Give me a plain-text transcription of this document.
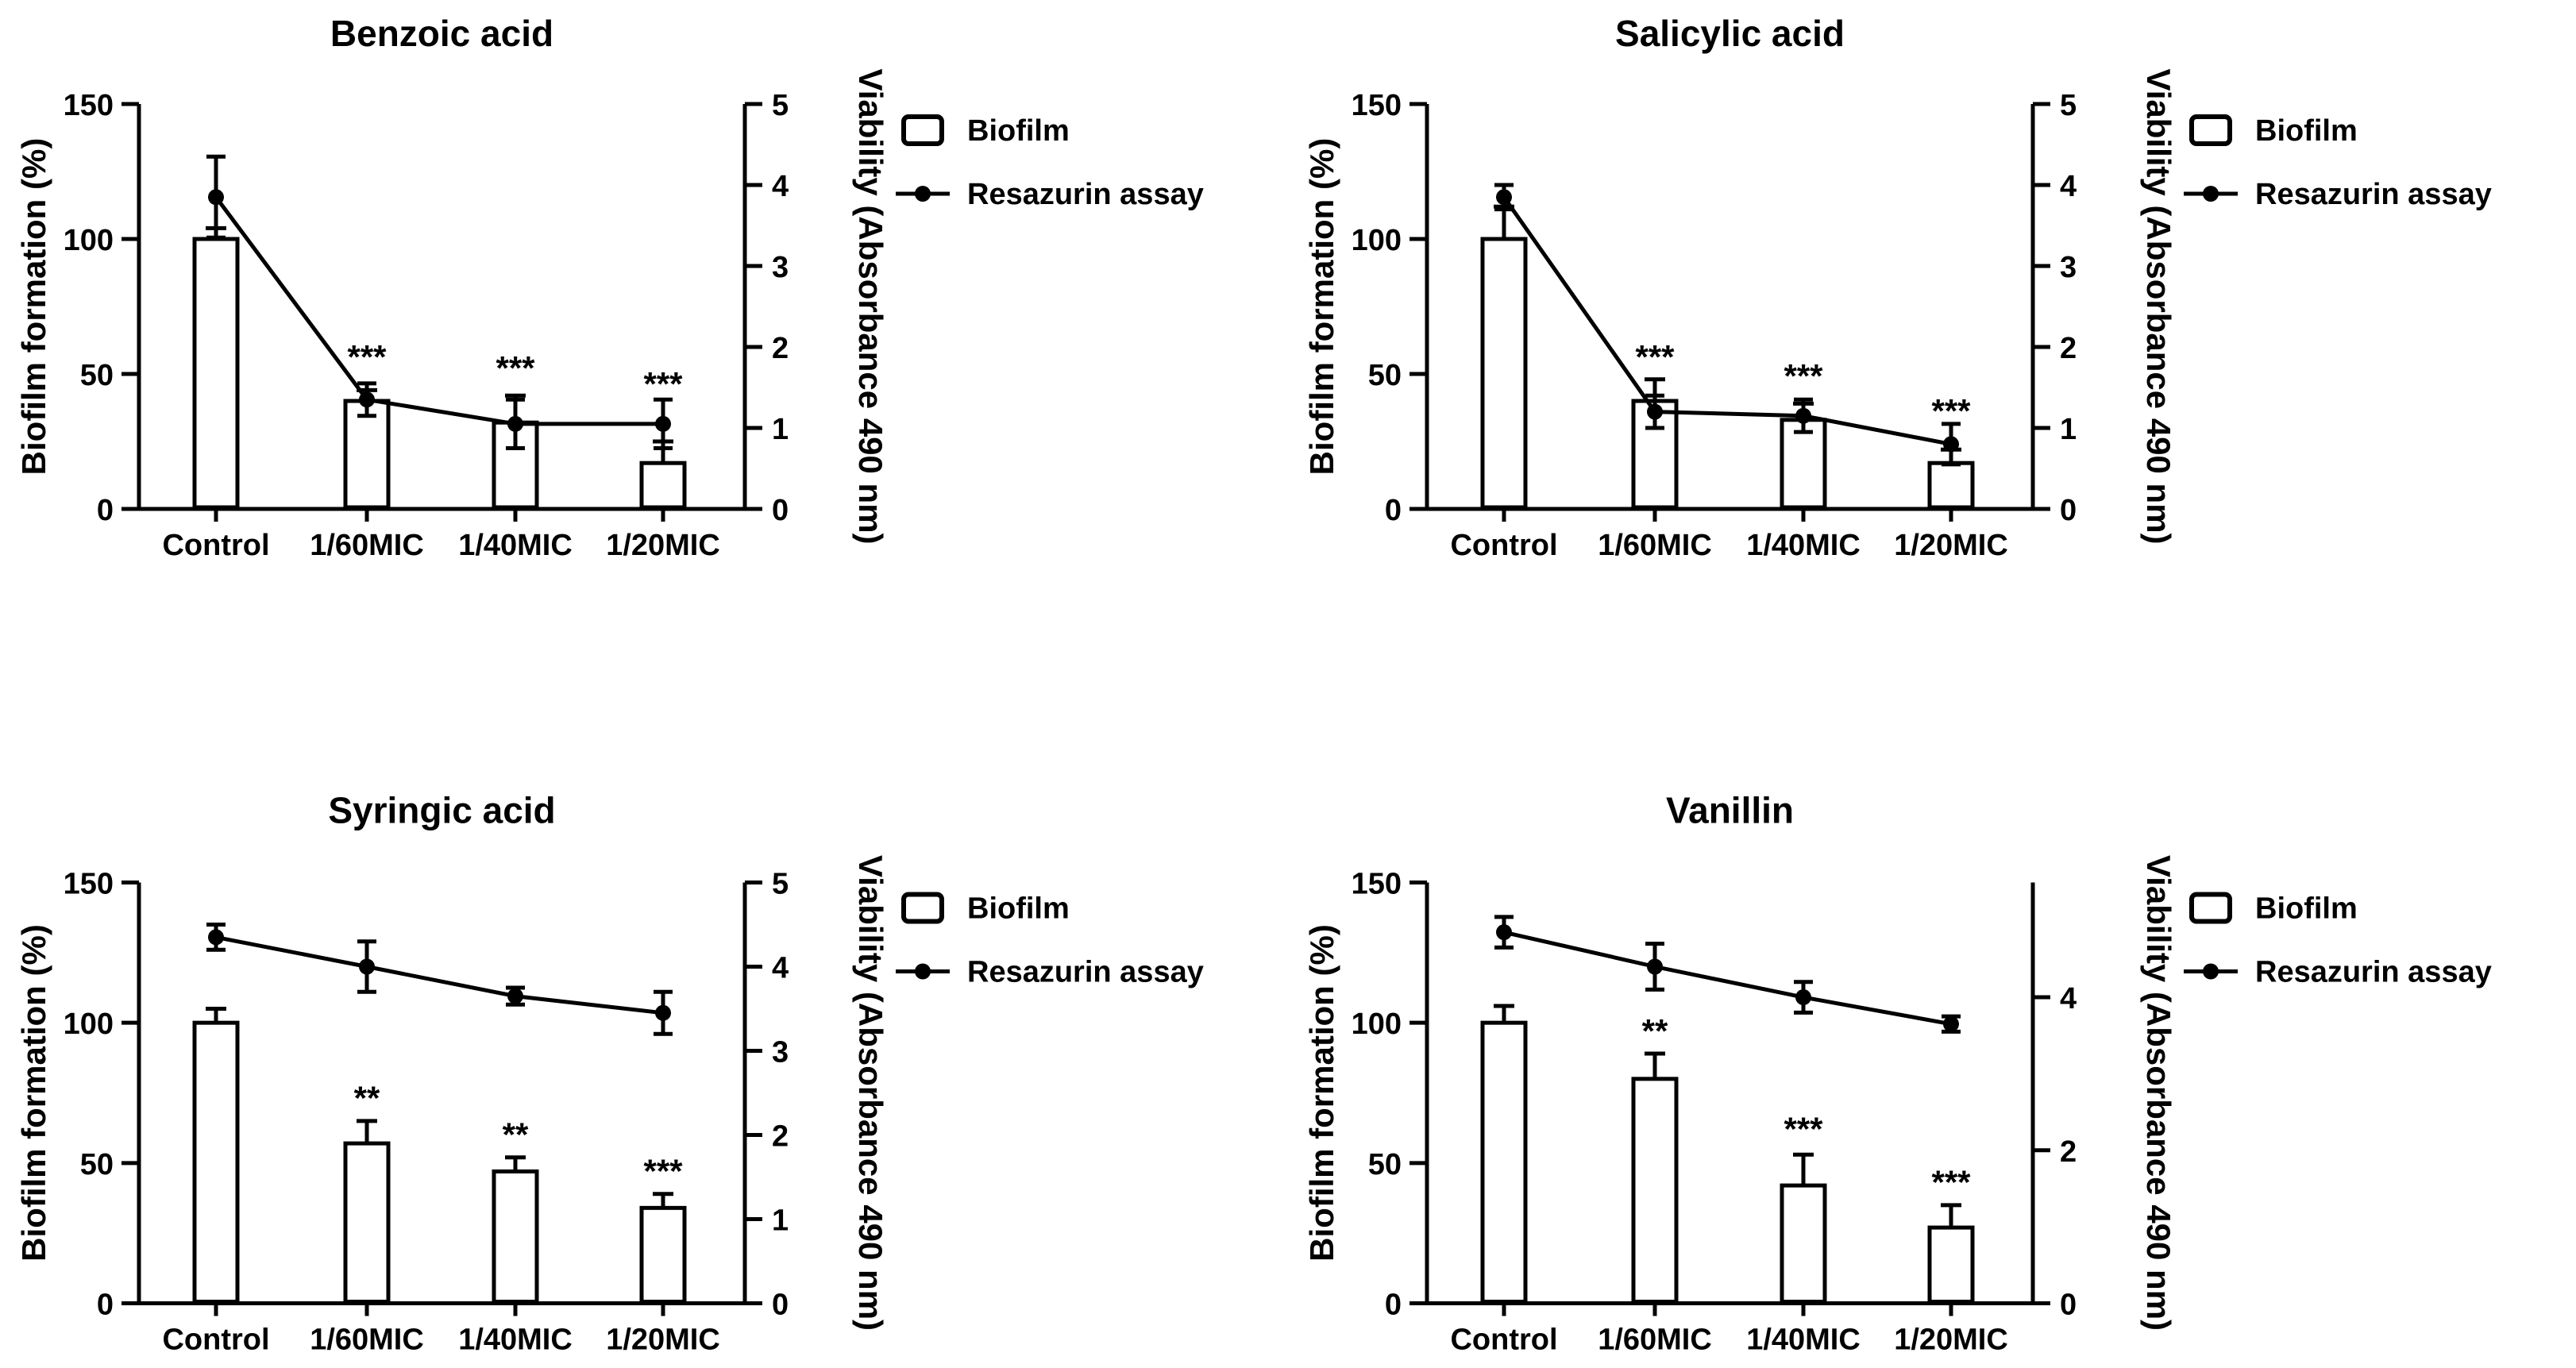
Benzoic acid
0
50
100
150
0
1
2
3
4
5
Control 1/60MIC 1/40MIC 1/20MIC
Biofilm formation (%)	Viability (Absorbance 490 nm)
***	***	***
Biofilm
Resazurin assay
Salicylic acid
0
50
100
150
0
1
2
3
4
5
Control 1/60MIC 1/40MIC 1/20MIC
Biofilm formation (%)	Viability (Absorbance 490 nm)
***
***
***
Biofilm
Resazurin assay
Syringic acid
0
50
100
150
0
1
2
3
4
5
Control 1/60MIC 1/40MIC 1/20MIC
Biofilm formation (%)	Viability (Absorbance 490 nm)
**
**
***
Biofilm
Resazurin assay
Vanillin
0
50
100
150
0
2
4
Control 1/60MIC 1/40MIC 1/20MIC
Biofilm formation (%)	Viability (Absorbance 490 nm)
**
***
***
Biofilm
Resazurin assay
